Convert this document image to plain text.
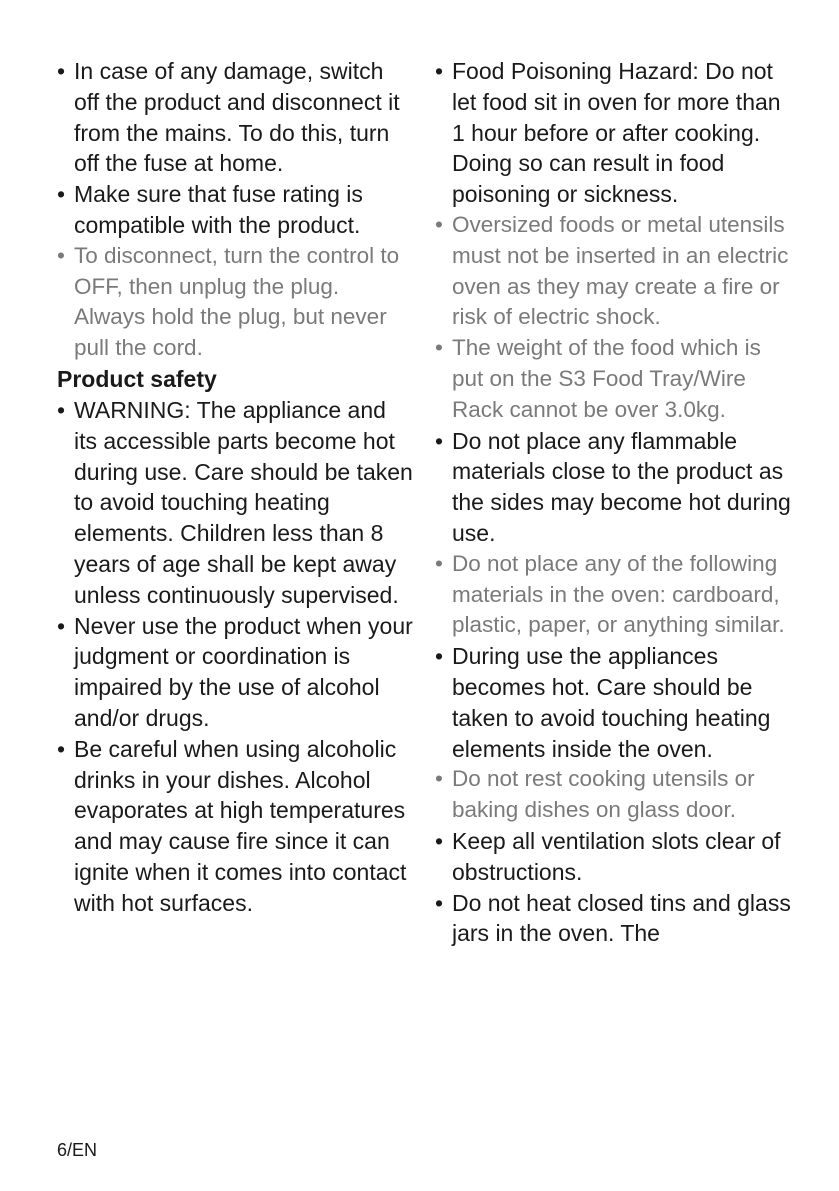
• In case of any damage, switch off the product and disconnect it from the mains. To do this, turn off the fuse at home.
• Make sure that fuse rating is compatible with the product.
• To disconnect, turn the control to OFF, then unplug the plug. Always hold the plug, but never pull the cord.
Product safety
• WARNING: The appliance and its accessible parts become hot during use. Care should be taken to avoid touching heating elements. Children less than 8 years of age shall be kept away unless continuously supervised.
• Never use the product when your judgment or coordination is impaired by the use of alcohol and/or drugs.
• Be careful when using alcoholic drinks in your dishes. Alcohol evaporates at high temperatures and may cause fire since it can ignite when it comes into contact with hot surfaces.
• Food Poisoning Hazard: Do not let food sit in oven for more than 1 hour before or after cooking. Doing so can result in food poisoning or sickness.
• Oversized foods or metal utensils must not be inserted in an electric oven as they may create a fire or risk of electric shock.
• The weight of the food which is put on the S3 Food Tray/Wire Rack cannot be over 3.0kg.
• Do not place any flammable materials close to the product as the sides may become hot during use.
• Do not place any of the following materials in the oven: cardboard, plastic, paper, or anything similar.
• During use the appliances becomes hot. Care should be taken to avoid touching heating elements inside the oven.
• Do not rest cooking utensils or baking dishes on glass door.
• Keep all ventilation slots clear of obstructions.
• Do not heat closed tins and glass jars in the oven. The
6/EN
